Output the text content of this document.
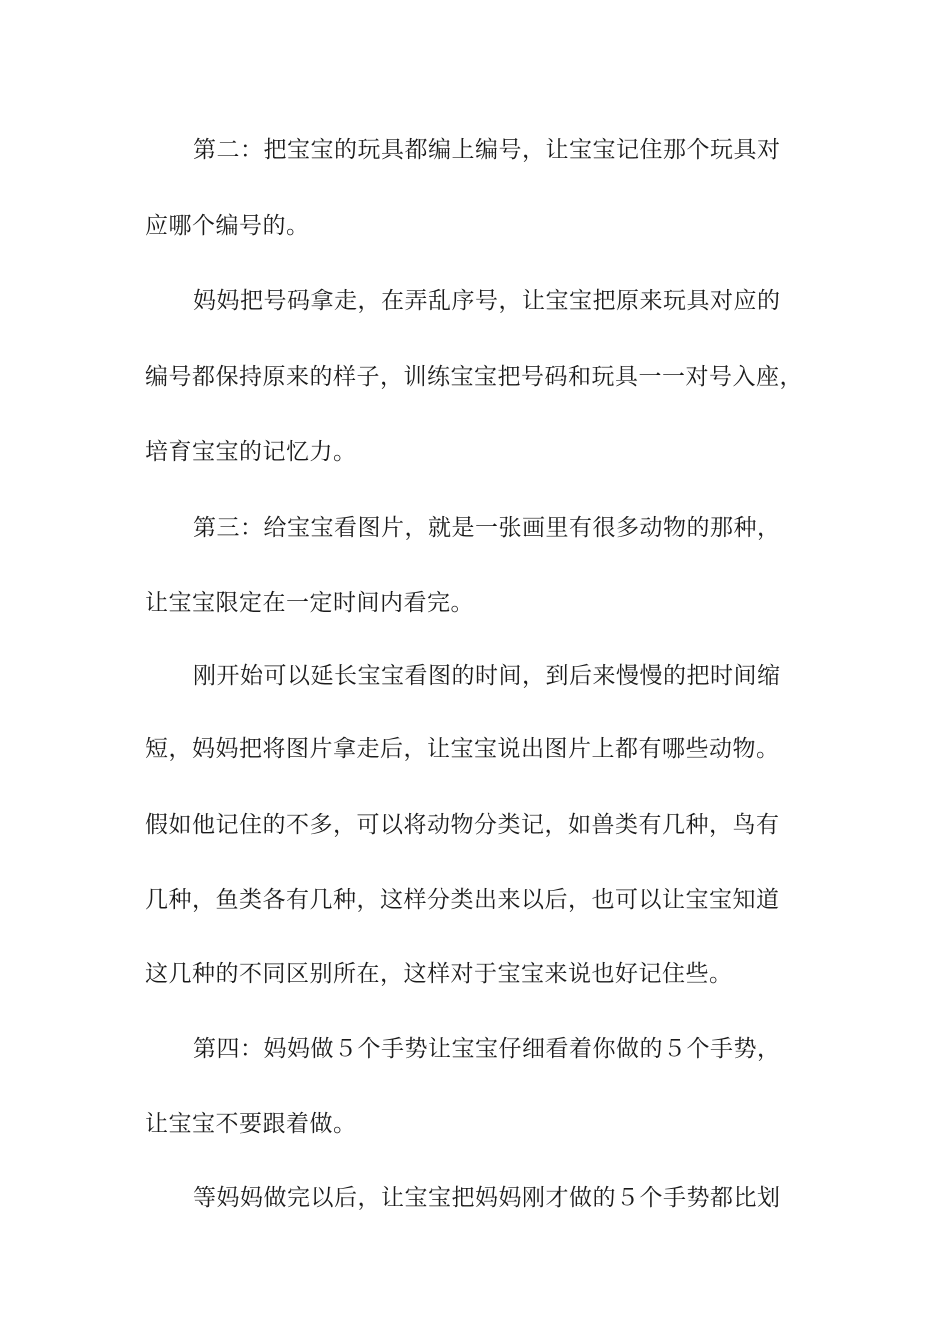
第二：把宝宝的玩具都编上编号，让宝宝记住那个玩具对
应哪个编号的。
妈妈把号码拿走，在弄乱序号，让宝宝把原来玩具对应的
编号都保持原来的样子，训练宝宝把号码和玩具一一对号入座，
培育宝宝的记忆力。
第三：给宝宝看图片，就是一张画里有很多动物的那种，
让宝宝限定在一定时间内看完。
刚开始可以延长宝宝看图的时间，到后来慢慢的把时间缩
短，妈妈把将图片拿走后，让宝宝说出图片上都有哪些动物。
假如他记住的不多，可以将动物分类记，如兽类有几种，鸟有
几种，鱼类各有几种，这样分类出来以后，也可以让宝宝知道
这几种的不同区别所在，这样对于宝宝来说也好记住些。
第四：妈妈做５个手势让宝宝仔细看着你做的５个手势，
让宝宝不要跟着做。
等妈妈做完以后，让宝宝把妈妈刚才做的５个手势都比划
